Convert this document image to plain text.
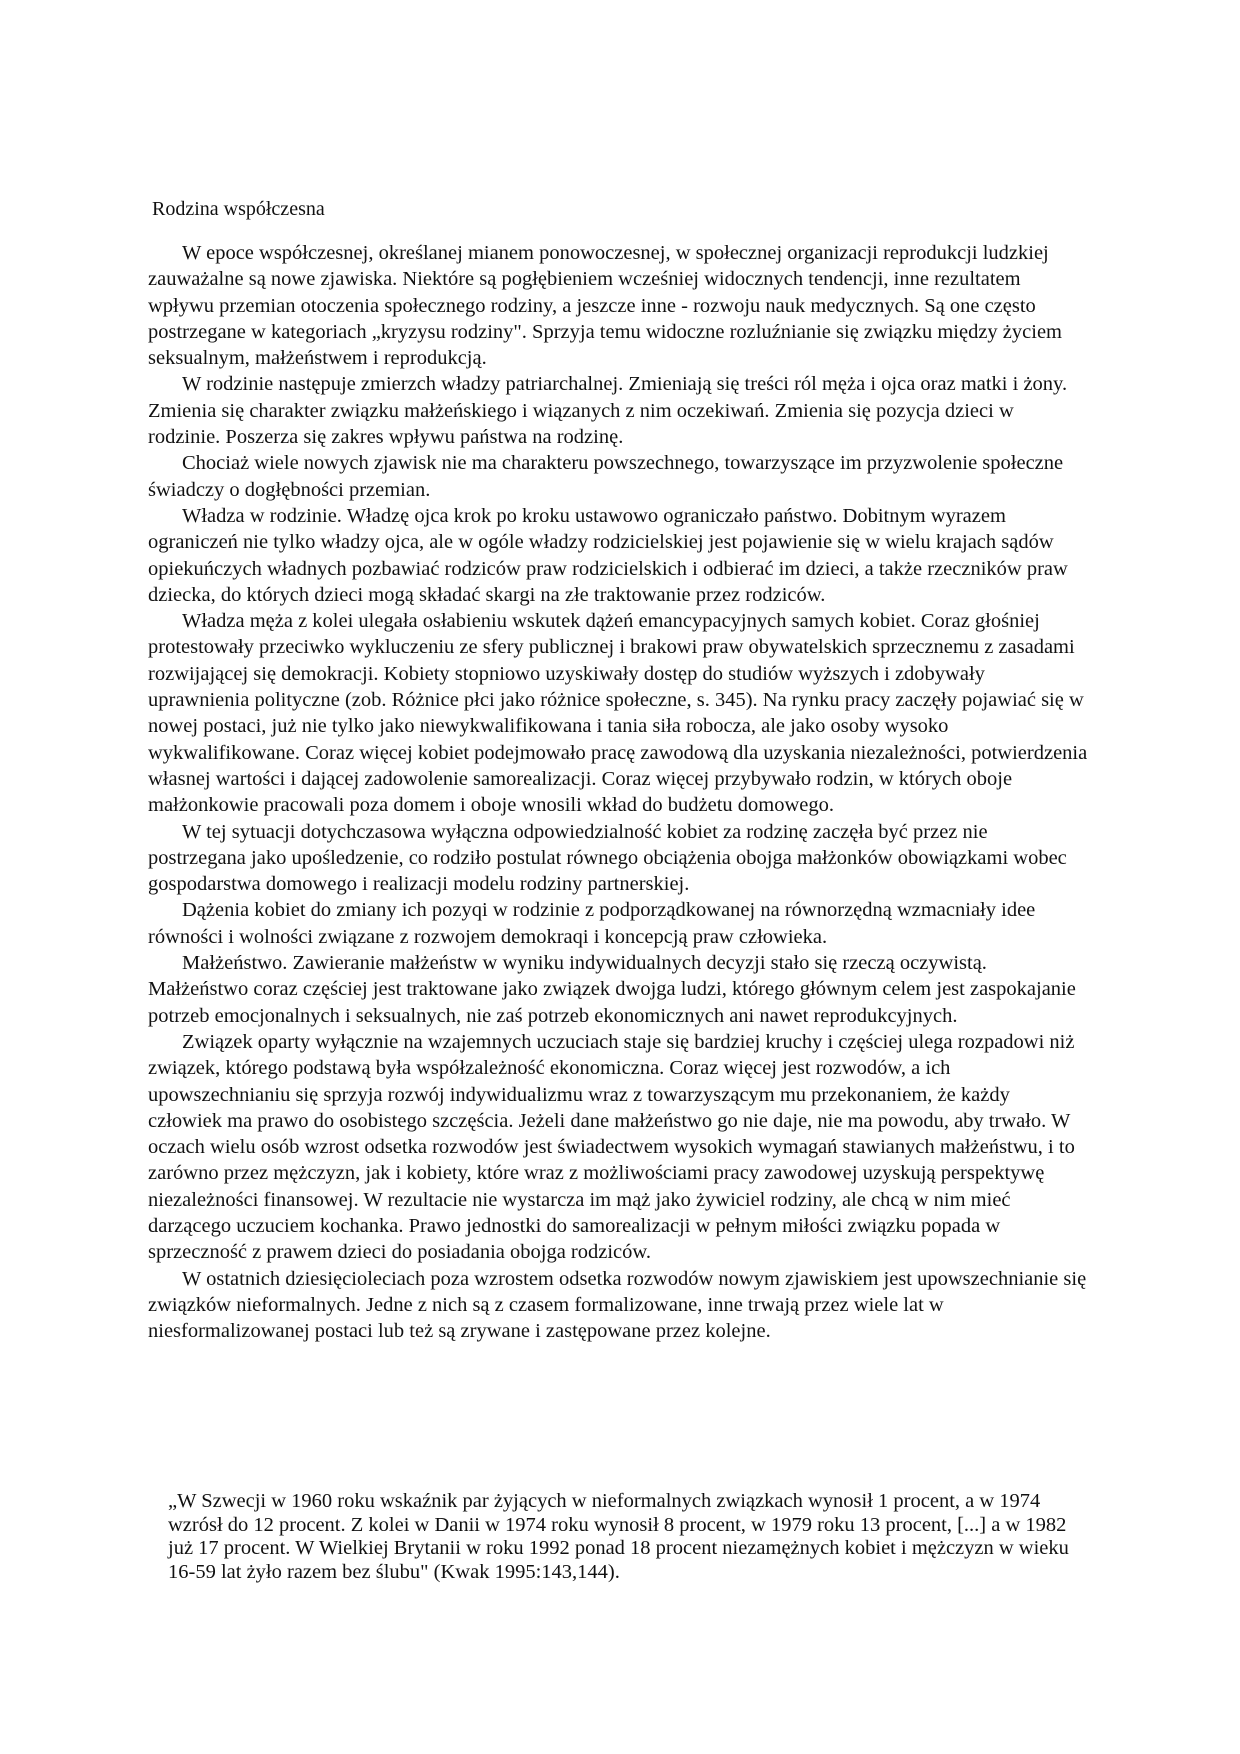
Rodzina współczesna

W epoce współczesnej, określanej mianem ponowoczesnej, w społecznej organizacji reprodukcji ludzkiej zauważalne są nowe zjawiska. Niektóre są pogłębieniem wcześniej widocznych tendencji, inne rezultatem wpływu przemian otoczenia społecznego rodziny, a jeszcze inne - rozwoju nauk medycznych. Są one często postrzegane w kategoriach „kryzysu rodziny". Sprzyja temu widoczne rozluźnianie się związku między życiem seksualnym, małżeństwem i reprodukcją.

W rodzinie następuje zmierzch władzy patriarchalnej. Zmieniają się treści ról męża i ojca oraz matki i żony. Zmienia się charakter związku małżeńskiego i wiązanych z nim oczekiwań. Zmienia się pozycja dzieci w rodzinie. Poszerza się zakres wpływu państwa na rodzinę.

Chociaż wiele nowych zjawisk nie ma charakteru powszechnego, towarzyszące im przyzwolenie społeczne świadczy o dogłębności przemian.

Władza w rodzinie. Władzę ojca krok po kroku ustawowo ograniczało państwo. Dobitnym wyrazem ograniczeń nie tylko władzy ojca, ale w ogóle władzy rodzicielskiej jest pojawienie się w wielu krajach sądów opiekuńczych władnych pozbawiać rodziców praw rodzicielskich i odbierać im dzieci, a także rzeczników praw dziecka, do których dzieci mogą składać skargi na złe traktowanie przez rodziców.

Władza męża z kolei ulegała osłabieniu wskutek dążeń emancypacyjnych samych kobiet. Coraz głośniej protestowały przeciwko wykluczeniu ze sfery publicznej i brakowi praw obywatelskich sprzecznemu z zasadami rozwijającej się demokracji. Kobiety stopniowo uzyskiwały dostęp do studiów wyższych i zdobywały uprawnienia polityczne (zob. Różnice płci jako różnice społeczne, s. 345). Na rynku pracy zaczęły pojawiać się w nowej postaci, już nie tylko jako niewykwalifikowana i tania siła robocza, ale jako osoby wysoko wykwalifikowane. Coraz więcej kobiet podejmowało pracę zawodową dla uzyskania niezależności, potwierdzenia własnej wartości i dającej zadowolenie samorealizacji. Coraz więcej przybywało rodzin, w których oboje małżonkowie pracowali poza domem i oboje wnosili wkład do budżetu domowego.

W tej sytuacji dotychczasowa wyłączna odpowiedzialność kobiet za rodzinę zaczęła być przez nie postrzegana jako upośledzenie, co rodziło postulat równego obciążenia obojga małżonków obowiązkami wobec gospodarstwa domowego i realizacji modelu rodziny partnerskiej.

Dążenia kobiet do zmiany ich pozyqi w rodzinie z podporządkowanej na równorzędną wzmacniały idee równości i wolności związane z rozwojem demokraqi i koncepcją praw człowieka.

Małżeństwo. Zawieranie małżeństw w wyniku indywidualnych decyzji stało się rzeczą oczywistą. Małżeństwo coraz częściej jest traktowane jako związek dwojga ludzi, którego głównym celem jest zaspokajanie potrzeb emocjonalnych i seksualnych, nie zaś potrzeb ekonomicznych ani nawet reprodukcyjnych.

Związek oparty wyłącznie na wzajemnych uczuciach staje się bardziej kruchy i częściej ulega rozpadowi niż związek, którego podstawą była współzależność ekonomiczna. Coraz więcej jest rozwodów, a ich upowszechnianiu się sprzyja rozwój indywidualizmu wraz z towarzyszącym mu przekonaniem, że każdy człowiek ma prawo do osobistego szczęścia. Jeżeli dane małżeństwo go nie daje, nie ma powodu, aby trwało. W oczach wielu osób wzrost odsetka rozwodów jest świadectwem wysokich wymagań stawianych małżeństwu, i to zarówno przez mężczyzn, jak i kobiety, które wraz z możliwościami pracy zawodowej uzyskują perspektywę niezależności finansowej. W rezultacie nie wystarcza im mąż jako żywiciel rodziny, ale chcą w nim mieć darzącego uczuciem kochanka. Prawo jednostki do samorealizacji w pełnym miłości związku popada w sprzeczność z prawem dzieci do posiadania obojga rodziców.

W ostatnich dziesięcioleciach poza wzrostem odsetka rozwodów nowym zjawiskiem jest upowszechnianie się związków nieformalnych. Jedne z nich są z czasem formalizowane, inne trwają przez wiele lat w niesformalizowanej postaci lub też są zrywane i zastępowane przez kolejne.

„W Szwecji w 1960 roku wskaźnik par żyjących w nieformalnych związkach wynosił 1 procent, a w 1974 wzrósł do 12 procent. Z kolei w Danii w 1974 roku wynosił 8 procent, w 1979 roku 13 procent, [...] a w 1982 już 17 procent. W Wielkiej Brytanii w roku 1992 ponad 18 procent niezamężnych kobiet i mężczyzn w wieku 16-59 lat żyło razem bez ślubu" (Kwak 1995:143,144).
